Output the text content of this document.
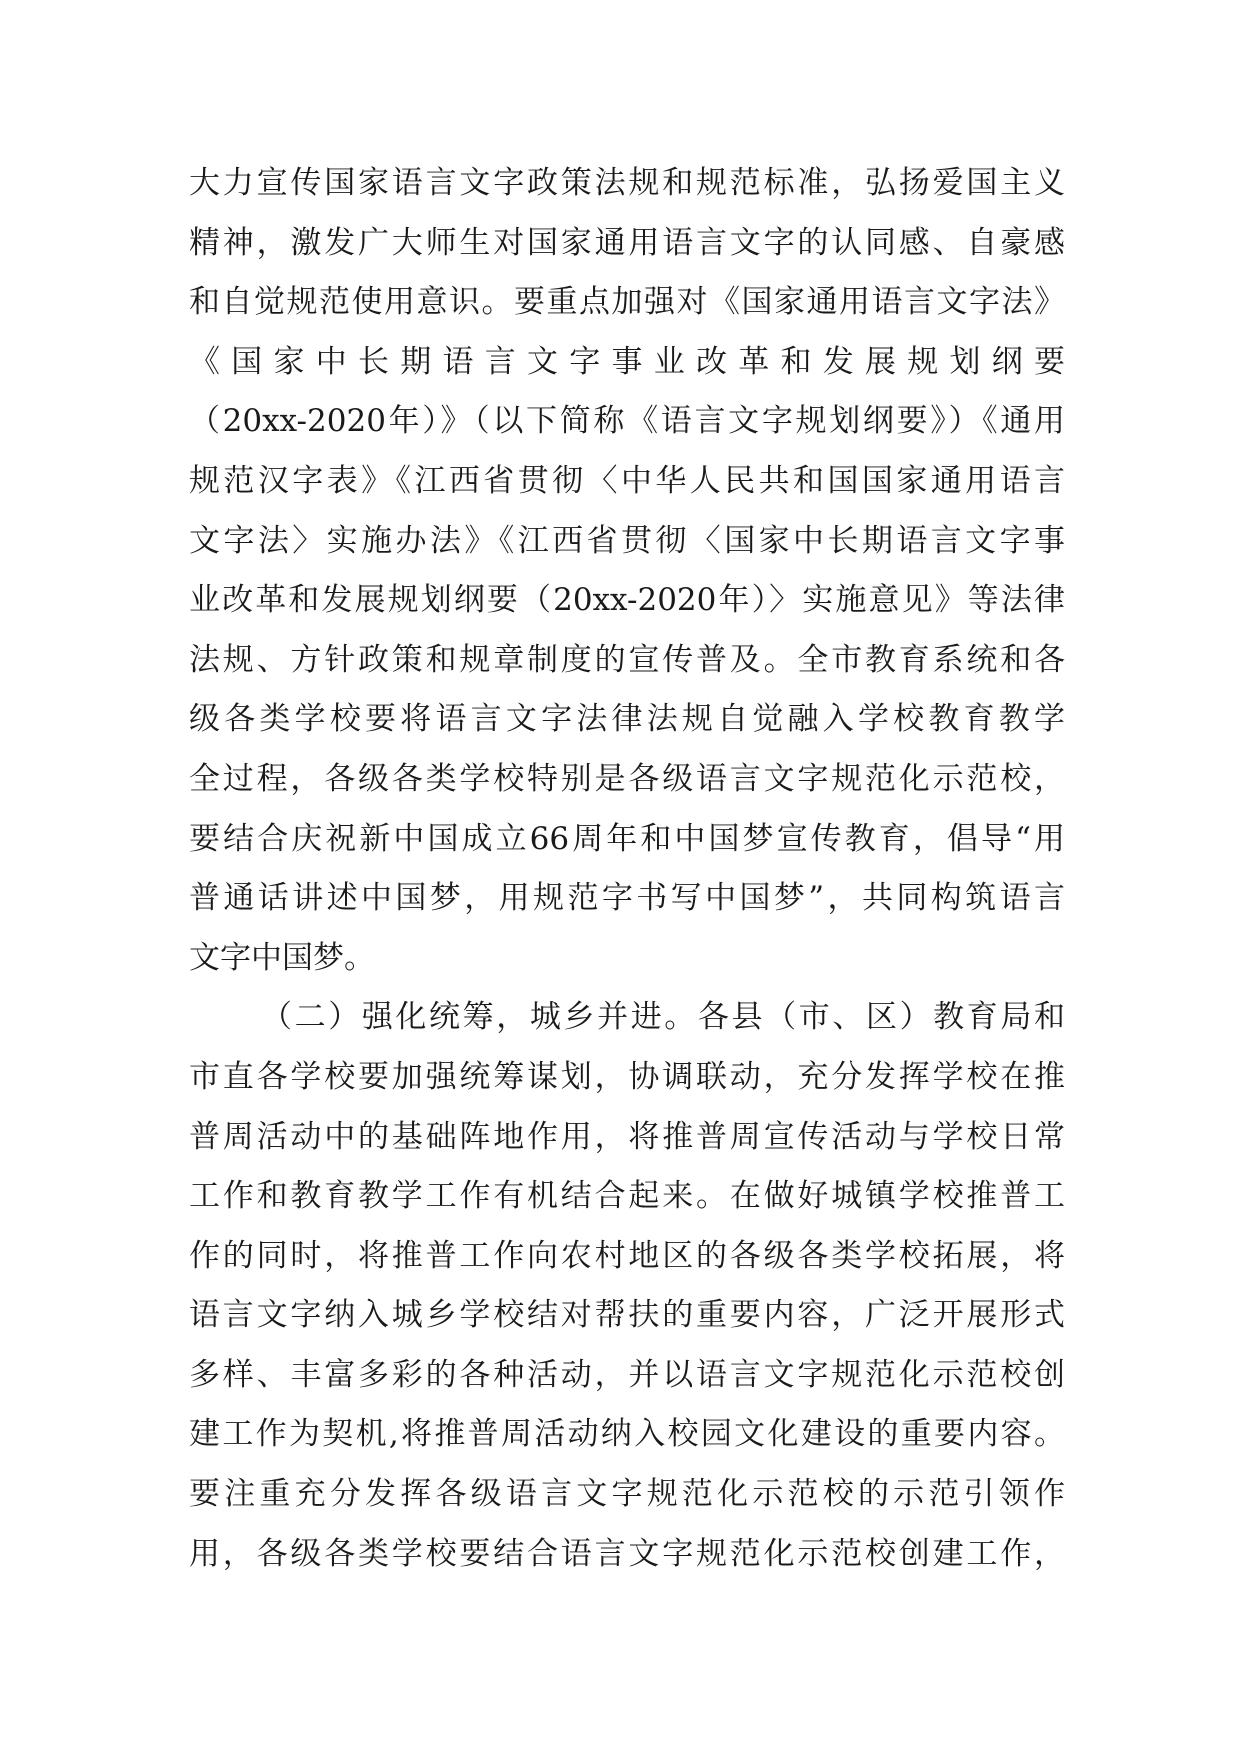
大力宣传国家语言文字政策法规和规范标准，弘扬爱国主义
精神，激发广大师生对国家通用语言文字的认同感、自豪感
和自觉规范使用意识。要重点加强对《国家通用语言文字法》
《国家中长期语言文字事业改革和发展规划纲要
（20xx-2020年）》（以下简称《语言文字规划纲要》）《通用
规范汉字表》《江西省贯彻〈中华人民共和国国家通用语言
文字法〉实施办法》《江西省贯彻〈国家中长期语言文字事
业改革和发展规划纲要（20xx-2020年）〉实施意见》等法律
法规、方针政策和规章制度的宣传普及。全市教育系统和各
级各类学校要将语言文字法律法规自觉融入学校教育教学
全过程，各级各类学校特别是各级语言文字规范化示范校，
要结合庆祝新中国成立66周年和中国梦宣传教育，倡导“用
普通话讲述中国梦，用规范字书写中国梦”，共同构筑语言
文字中国梦。
（二）强化统筹，城乡并进。各县（市、区）教育局和
市直各学校要加强统筹谋划，协调联动，充分发挥学校在推
普周活动中的基础阵地作用，将推普周宣传活动与学校日常
工作和教育教学工作有机结合起来。在做好城镇学校推普工
作的同时，将推普工作向农村地区的各级各类学校拓展，将
语言文字纳入城乡学校结对帮扶的重要内容，广泛开展形式
多样、丰富多彩的各种活动，并以语言文字规范化示范校创
建工作为契机,将推普周活动纳入校园文化建设的重要内容。
要注重充分发挥各级语言文字规范化示范校的示范引领作
用，各级各类学校要结合语言文字规范化示范校创建工作，
